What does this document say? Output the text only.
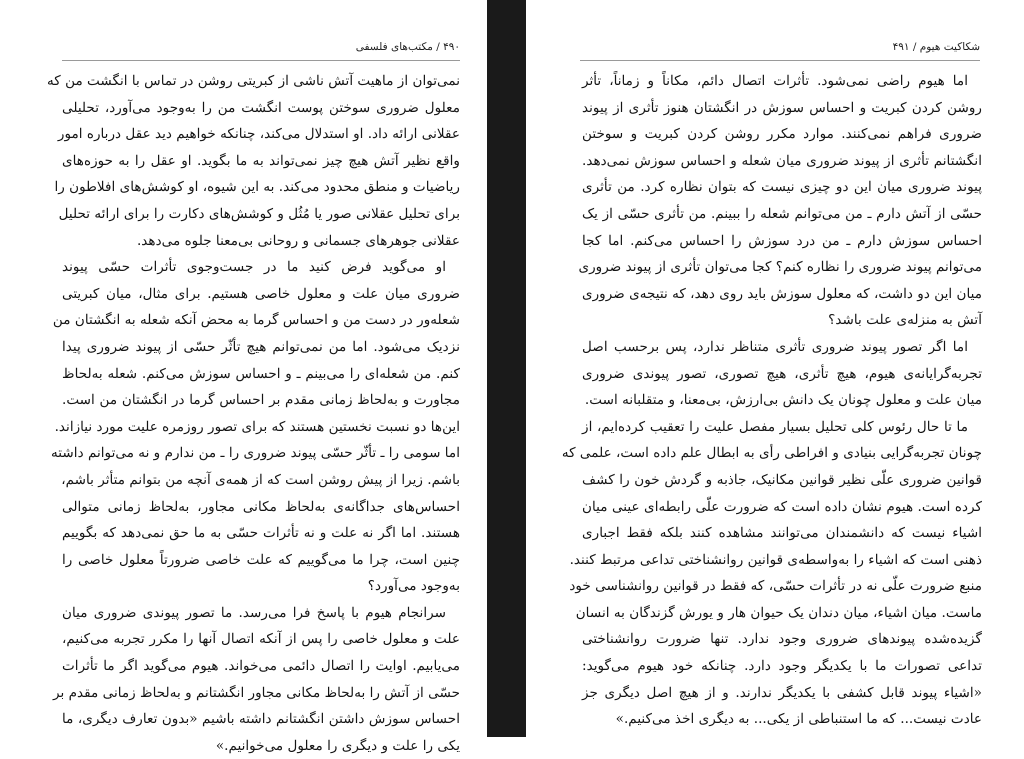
۴۹۰ / مکتب‌های فلسفی
نمی‌توان از ماهیت آتش ناشی از کبریتی روشن در تماس با انگشت من که
معلول ضروری سوختن پوست انگشت من را به‌وجود می‌آورد، تحلیلی
عقلانی ارائه داد. او استدلال می‌کند، چنانکه خواهیم دید عقل درباره امور
واقع نظیر آتش هیچ چیز نمی‌تواند به ما بگوید. او عقل را به حوزه‌های
ریاضیات و منطق محدود می‌کند. به این شیوه، او کوشش‌های افلاطون را
برای تحلیل عقلانی صور یا مُثُل و کوشش‌های دکارت را برای ارائه تحلیل
عقلانی جوهرهای جسمانی و روحانی بی‌معنا جلوه می‌دهد.
او می‌گوید فرض کنید ما در جست‌وجوی تأثرات حسّی پیوند
ضروری میان علت و معلول خاصی هستیم. برای مثال، میان کبریتی
شعله‌ور در دست من و احساس گرما به محض آنکه شعله به انگشتان من
نزدیک می‌شود. اما من نمی‌توانم هیچ تأثّر حسّی از پیوند ضروری پیدا
کنم. من شعله‌ای را می‌بینم ـ و احساس سوزش می‌کنم. شعله به‌لحاظ
مجاورت و به‌لحاظ زمانی مقدم بر احساس گرما در انگشتان من است.
این‌ها دو نسبت نخستین هستند که برای تصور روزمره علیت مورد نیازاند.
اما سومی را ـ تأثّر حسّی پیوند ضروری را ـ من ندارم و نه می‌توانم داشته
باشم. زیرا از پیش روشن است که از همه‌ی آنچه من بتوانم متأثر باشم،
احساس‌های جداگانه‌ی به‌لحاظ مکانی مجاور، به‌لحاظ زمانی متوالی
هستند. اما اگر نه علت و نه تأثرات حسّی به ما حق نمی‌دهد که بگوییم
چنین است، چرا ما می‌گوییم که علت خاصی ضرورتاً معلول خاصی را
به‌وجود می‌آورد؟
سرانجام هیوم با پاسخ فرا می‌رسد. ما تصور پیوندی ضروری میان
علت و معلول خاصی را پس از آنکه اتصال آنها را مکرر تجربه می‌کنیم،
می‌یابیم. اوایت را اتصال دائمی می‌خواند. هیوم می‌گوید اگر ما تأثرات
حسّی از آتش را به‌لحاظ مکانی مجاور انگشتانم و به‌لحاظ زمانی مقدم بر
احساس سوزش داشتن انگشتانم داشته باشیم «بدون تعارف دیگری، ما
یکی را علت و دیگری را معلول می‌خوانیم.»
شکاکیت هیوم / ۴۹۱
اما هیوم راضی نمی‌شود. تأثرات اتصال دائم، مکاناً و زماناً، تأثر
روشن کردن کبریت و احساس سوزش در انگشتان هنوز تأثری از پیوند
ضروری فراهم نمی‌کنند. موارد مکرر روشن کردن کبریت و سوختن
انگشتانم تأثری از پیوند ضروری میان شعله و احساس سوزش نمی‌دهد.
پیوند ضروری میان این دو چیزی نیست که بتوان نظاره کرد. من تأثری
حسّی از آتش دارم ـ من می‌توانم شعله را ببینم. من تأثری حسّی از یک
احساس سوزش دارم ـ من درد سوزش را احساس می‌کنم. اما کجا
می‌توانم پیوند ضروری را نظاره کنم؟ کجا می‌توان تأثری از پیوند ضروری
میان این دو داشت، که معلول سوزش باید روی دهد، که نتیجه‌ی ضروری
آتش به منزله‌ی علت باشد؟
اما اگر تصور پیوند ضروری تأثری متناظر ندارد، پس برحسب اصل
تجربه‌گرایانه‌ی هیوم، هیچ تأثری، هیچ تصوری، تصور پیوندی ضروری
میان علت و معلول چونان یک دانش بی‌ارزش، بی‌معنا، و متقلبانه است.
ما تا حال رئوس کلی تحلیل بسیار مفصل علیت را تعقیب کرده‌ایم، از
چونان تجربه‌گرایی بنیادی و افراطی رأی به ابطال علم داده است، علمی که
قوانین ضروری علّی نظیر قوانین مکانیک، جاذبه و گردش خون را کشف
کرده است. هیوم نشان داده است که ضرورت علّی رابطه‌ای عینی میان
اشیاء نیست که دانشمندان می‌توانند مشاهده کنند بلکه فقط اجباری
ذهنی است که اشیاء را به‌واسطه‌ی قوانین روانشناختی تداعی مرتبط کنند.
منبع ضرورت علّی نه در تأثرات حسّی، که فقط در قوانین روانشناسی خود
ماست. میان اشیاء، میان دندان یک حیوان هار و یورش گزندگان به انسان
گزیده‌شده پیوندهای ضروری وجود ندارد. تنها ضرورت روانشناختی
تداعی تصورات ما با یکدیگر وجود دارد. چنانکه خود هیوم می‌گوید:
«اشیاء پیوند قابل کشفی با یکدیگر ندارند. و از هیچ اصل دیگری جز
عادت نیست... که ما استنباطی از یکی... به دیگری اخذ می‌کنیم.»
